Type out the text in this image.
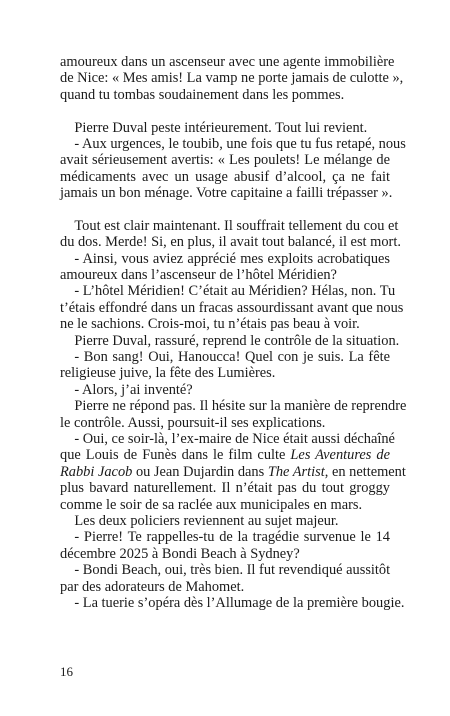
amoureux dans un ascenseur avec une agente immobilière
de Nice: « Mes amis! La vamp ne porte jamais de culotte »,
quand tu tombas soudainement dans les pommes.
 Pierre Duval peste intérieurement. Tout lui revient.
 - Aux urgences, le toubib, une fois que tu fus retapé, nous
avait sérieusement avertis: « Les poulets! Le mélange de
médicaments avec un usage abusif d’alcool, ça ne fait
jamais un bon ménage. Votre capitaine a failli trépasser ».
 Tout est clair maintenant. Il souffrait tellement du cou et
du dos. Merde! Si, en plus, il avait tout balancé, il est mort.
 - Ainsi, vous aviez apprécié mes exploits acrobatiques
amoureux dans l’ascenseur de l’hôtel Méridien?
 - L’hôtel Méridien! C’était au Méridien? Hélas, non. Tu
t’étais effondré dans un fracas assourdissant avant que nous
ne le sachions. Crois-moi, tu n’étais pas beau à voir.
 Pierre Duval, rassuré, reprend le contrôle de la situation.
 - Bon sang! Oui, Hanoucca! Quel con je suis. La fête
religieuse juive, la fête des Lumières.
 - Alors, j’ai inventé?
 Pierre ne répond pas. Il hésite sur la manière de reprendre
le contrôle. Aussi, poursuit-il ses explications.
 - Oui, ce soir-là, l’ex-maire de Nice était aussi déchaîné
que Louis de Funès dans le film culte Les Aventures de
Rabbi Jacob ou Jean Dujardin dans The Artist, en nettement
plus bavard naturellement. Il n’était pas du tout groggy
comme le soir de sa raclée aux municipales en mars.
 Les deux policiers reviennent au sujet majeur.
 - Pierre! Te rappelles-tu de la tragédie survenue le 14
décembre 2025 à Bondi Beach à Sydney?
 - Bondi Beach, oui, très bien. Il fut revendiqué aussitôt
par des adorateurs de Mahomet.
 - La tuerie s’opéra dès l’Allumage de la première bougie.
16
